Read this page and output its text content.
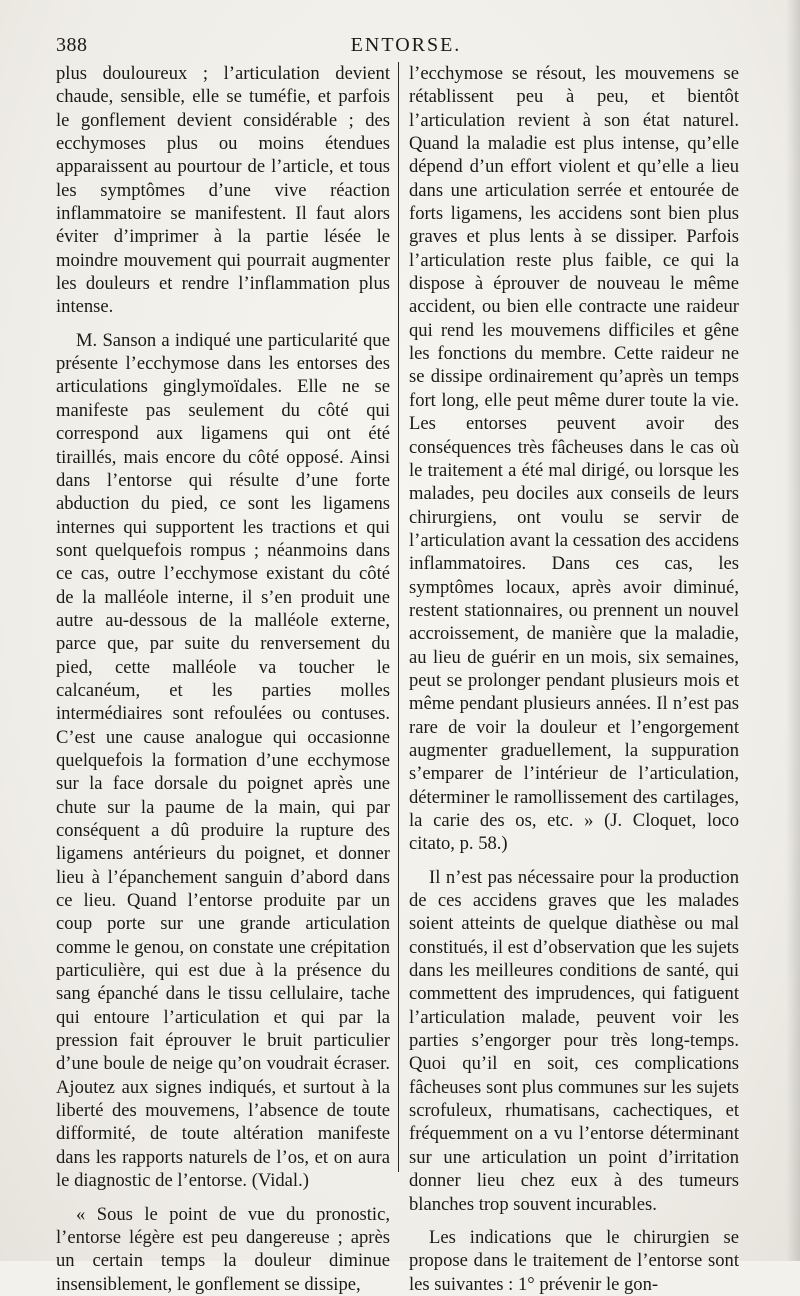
388	ENTORSE.

plus douloureux ; l’articulation devient chaude, sensible, elle se tuméfie, et parfois le gonflement devient considérable ; des ecchymoses plus ou moins étendues apparaissent au pourtour de l’article, et tous les symptômes d’une vive réaction inflammatoire se manifestent. Il faut alors éviter d’imprimer à la partie lésée le moindre mouvement qui pourrait augmenter les douleurs et rendre l’inflammation plus intense.

M. Sanson a indiqué une particularité que présente l’ecchymose dans les entorses des articulations ginglymoïdales. Elle ne se manifeste pas seulement du côté qui correspond aux ligamens qui ont été tiraillés, mais encore du côté opposé. Ainsi dans l’entorse qui résulte d’une forte abduction du pied, ce sont les ligamens internes qui supportent les tractions et qui sont quelquefois rompus ; néanmoins dans ce cas, outre l’ecchymose existant du côté de la malléole interne, il s’en produit une autre au-dessous de la malléole externe, parce que, par suite du renversement du pied, cette malléole va toucher le calcanéum, et les parties molles intermédiaires sont refoulées ou contuses. C’est une cause analogue qui occasionne quelquefois la formation d’une ecchymose sur la face dorsale du poignet après une chute sur la paume de la main, qui par conséquent a dû produire la rupture des ligamens antérieurs du poignet, et donner lieu à l’épanchement sanguin d’abord dans ce lieu. Quand l’entorse produite par un coup porte sur une grande articulation comme le genou, on constate une crépitation particulière, qui est due à la présence du sang épanché dans le tissu cellulaire, tache qui entoure l’articulation et qui par la pression fait éprouver le bruit particulier d’une boule de neige qu’on voudrait écraser. Ajoutez aux signes indiqués, et surtout à la liberté des mouvemens, l’absence de toute difformité, de toute altération manifeste dans les rapports naturels de l’os, et on aura le diagnostic de l’entorse. (Vidal.)

« Sous le point de vue du pronostic, l’entorse légère est peu dangereuse ; après un certain temps la douleur diminue insensiblement, le gonflement se dissipe,

l’ecchymose se résout, les mouvemens se rétablissent peu à peu, et bientôt l’articulation revient à son état naturel. Quand la maladie est plus intense, qu’elle dépend d’un effort violent et qu’elle a lieu dans une articulation serrée et entourée de forts ligamens, les accidens sont bien plus graves et plus lents à se dissiper. Parfois l’articulation reste plus faible, ce qui la dispose à éprouver de nouveau le même accident, ou bien elle contracte une raideur qui rend les mouvemens difficiles et gêne les fonctions du membre. Cette raideur ne se dissipe ordinairement qu’après un temps fort long, elle peut même durer toute la vie. Les entorses peuvent avoir des conséquences très fâcheuses dans le cas où le traitement a été mal dirigé, ou lorsque les malades, peu dociles aux conseils de leurs chirurgiens, ont voulu se servir de l’articulation avant la cessation des accidens inflammatoires. Dans ces cas, les symptômes locaux, après avoir diminué, restent stationnaires, ou prennent un nouvel accroissement, de manière que la maladie, au lieu de guérir en un mois, six semaines, peut se prolonger pendant plusieurs mois et même pendant plusieurs années. Il n’est pas rare de voir la douleur et l’engorgement augmenter graduellement, la suppuration s’emparer de l’intérieur de l’articulation, déterminer le ramollissement des cartilages, la carie des os, etc. » (J. Cloquet, loco citato, p. 58.)

Il n’est pas nécessaire pour la production de ces accidens graves que les malades soient atteints de quelque diathèse ou mal constitués, il est d’observation que les sujets dans les meilleures conditions de santé, qui commettent des imprudences, qui fatiguent l’articulation malade, peuvent voir les parties s’engorger pour très long-temps. Quoi qu’il en soit, ces complications fâcheuses sont plus communes sur les sujets scrofuleux, rhumatisans, cachectiques, et fréquemment on a vu l’entorse déterminant sur une articulation un point d’irritation donner lieu chez eux à des tumeurs blanches trop souvent incurables.

Les indications que le chirurgien se propose dans le traitement de l’entorse sont les suivantes : 1° prévenir le gon-
